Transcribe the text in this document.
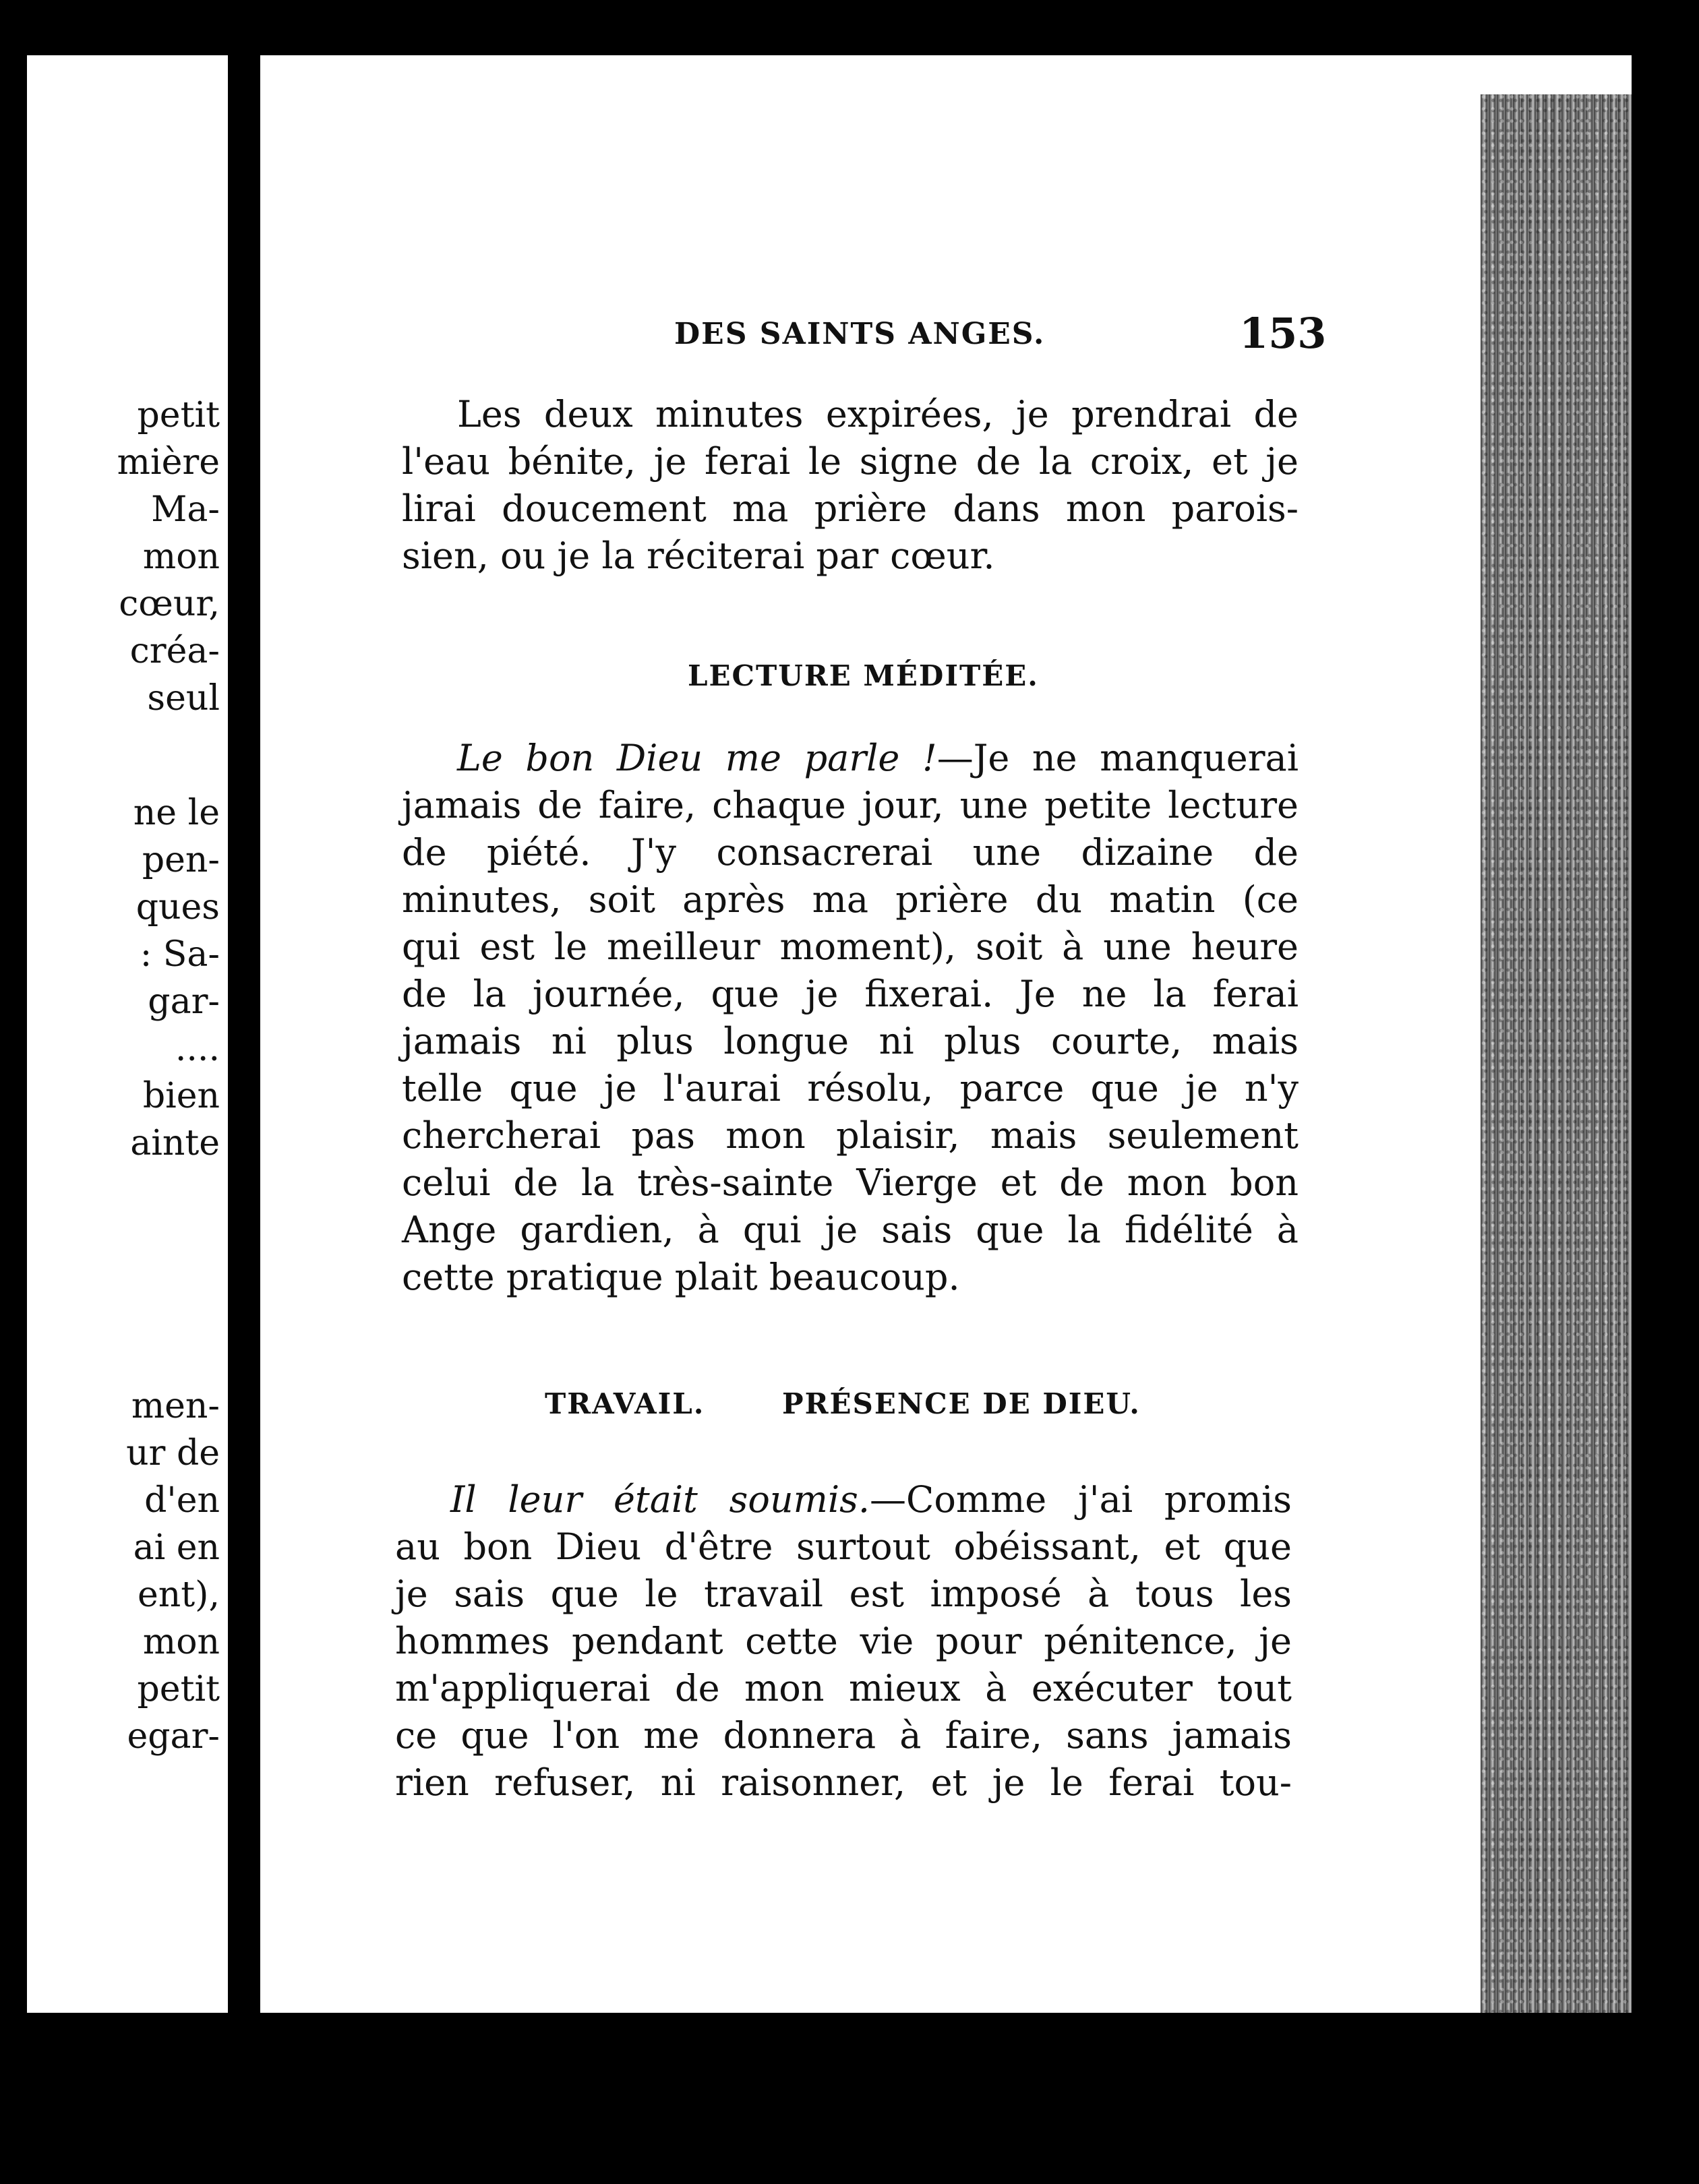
petit
mière
Ma-
mon
cœur,
créa-
seul
ne le
pen-
ques
: Sa-
gar-
....
bien
ainte
men-
ur de
d'en
ai en
ent),
mon
petit
egar-
DES SAINTS ANGES.	153
Les deux minutes expirées, je prendrai de
l'eau bénite, je ferai le signe de la croix, et je
lirai doucement ma prière dans mon parois-
sien, ou je la réciterai par cœur.
LECTURE MÉDITÉE.
Le bon Dieu me parle !—Je ne manquerai
jamais de faire, chaque jour, une petite lecture
de piété. J'y consacrerai une dizaine de
minutes, soit après ma prière du matin (ce
qui est le meilleur moment), soit à une heure
de la journée, que je fixerai. Je ne la ferai
jamais ni plus longue ni plus courte, mais
telle que je l'aurai résolu, parce que je n'y
chercherai pas mon plaisir, mais seulement
celui de la très-sainte Vierge et de mon bon
Ange gardien, à qui je sais que la fidélité à
cette pratique plait beaucoup.
TRAVAIL.	PRÉSENCE DE DIEU.
Il leur était soumis.—Comme j'ai promis
au bon Dieu d'être surtout obéissant, et que
je sais que le travail est imposé à tous les
hommes pendant cette vie pour pénitence, je
m'appliquerai de mon mieux à exécuter tout
ce que l'on me donnera à faire, sans jamais
rien refuser, ni raisonner, et je le ferai tou-
